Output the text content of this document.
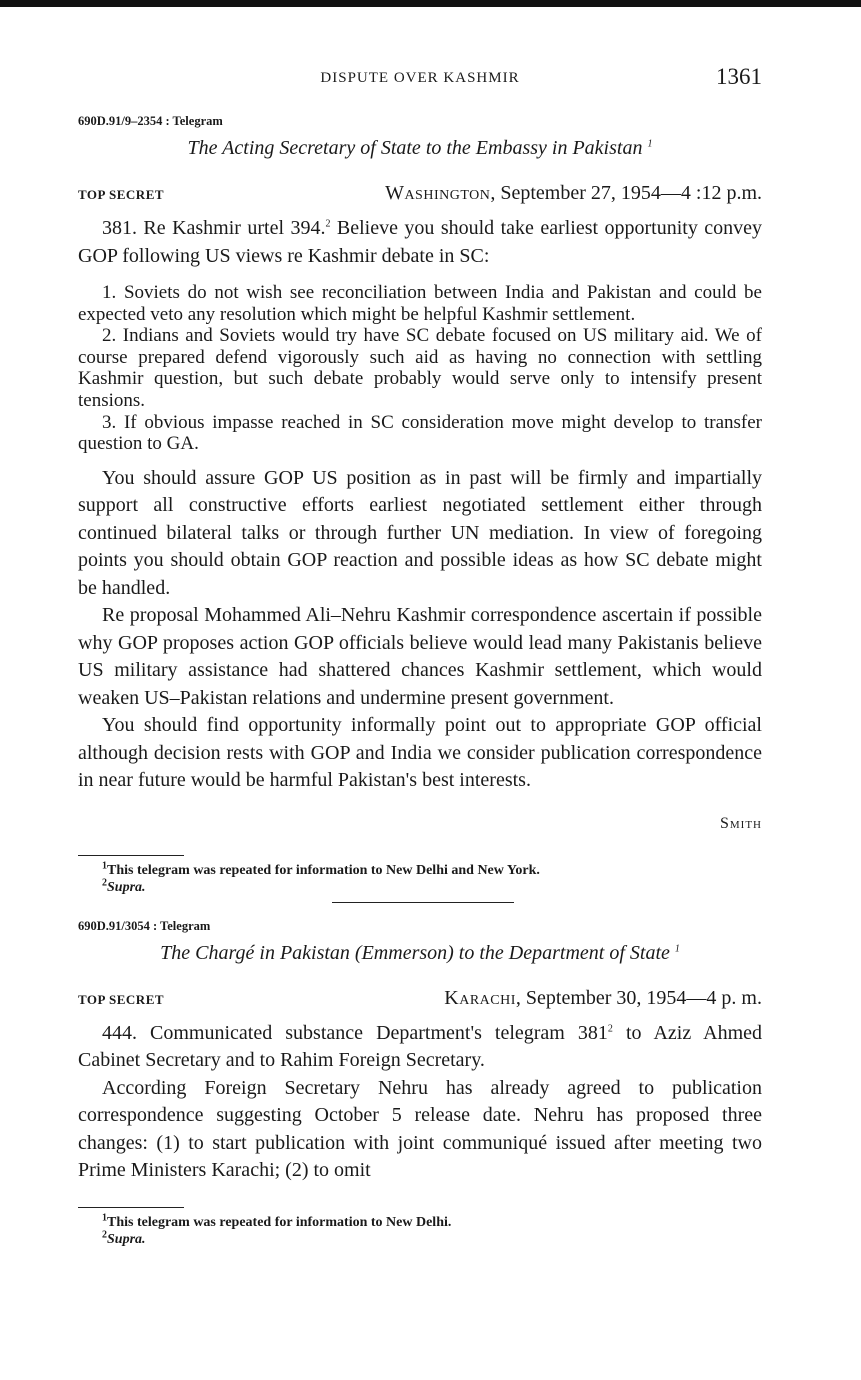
DISPUTE OVER KASHMIR	1361
690D.91/9–2354 : Telegram
The Acting Secretary of State to the Embassy in Pakistan $^1$
TOP SECRET	Washington, September 27, 1954—4 :12 p.m.

381. Re Kashmir urtel 394.$^2$ Believe you should take earliest opportunity convey GOP following US views re Kashmir debate in SC:

1. Soviets do not wish see reconciliation between India and Pakistan and could be expected veto any resolution which might be helpful Kashmir settlement.

2. Indians and Soviets would try have SC debate focused on US military aid. We of course prepared defend vigorously such aid as having no connection with settling Kashmir question, but such debate probably would serve only to intensify present tensions.

3. If obvious impasse reached in SC consideration move might develop to transfer question to GA.

You should assure GOP US position as in past will be firmly and impartially support all constructive efforts earliest negotiated settlement either through continued bilateral talks or through further UN mediation. In view of foregoing points you should obtain GOP reaction and possible ideas as how SC debate might be handled.

Re proposal Mohammed Ali–Nehru Kashmir correspondence ascertain if possible why GOP proposes action GOP officials believe would lead many Pakistanis believe US military assistance had shattered chances Kashmir settlement, which would weaken US–Pakistan relations and undermine present government.

You should find opportunity informally point out to appropriate GOP official although decision rests with GOP and India we consider publication correspondence in near future would be harmful Pakistan's best interests.

Smith
$^1$This telegram was repeated for information to New Delhi and New York.
$^2$Supra.
690D.91/3054 : Telegram
The Chargé in Pakistan (Emmerson) to the Department of State $^1$
TOP SECRET	Karachi, September 30, 1954—4 p. m.

444. Communicated substance Department's telegram $381^2$ to Aziz Ahmed Cabinet Secretary and to Rahim Foreign Secretary.

According Foreign Secretary Nehru has already agreed to publication correspondence suggesting October 5 release date. Nehru has proposed three changes: (1) to start publication with joint communiqué issued after meeting two Prime Ministers Karachi; (2) to omit

$^1$This telegram was repeated for information to New Delhi.
$^2$Supra.
